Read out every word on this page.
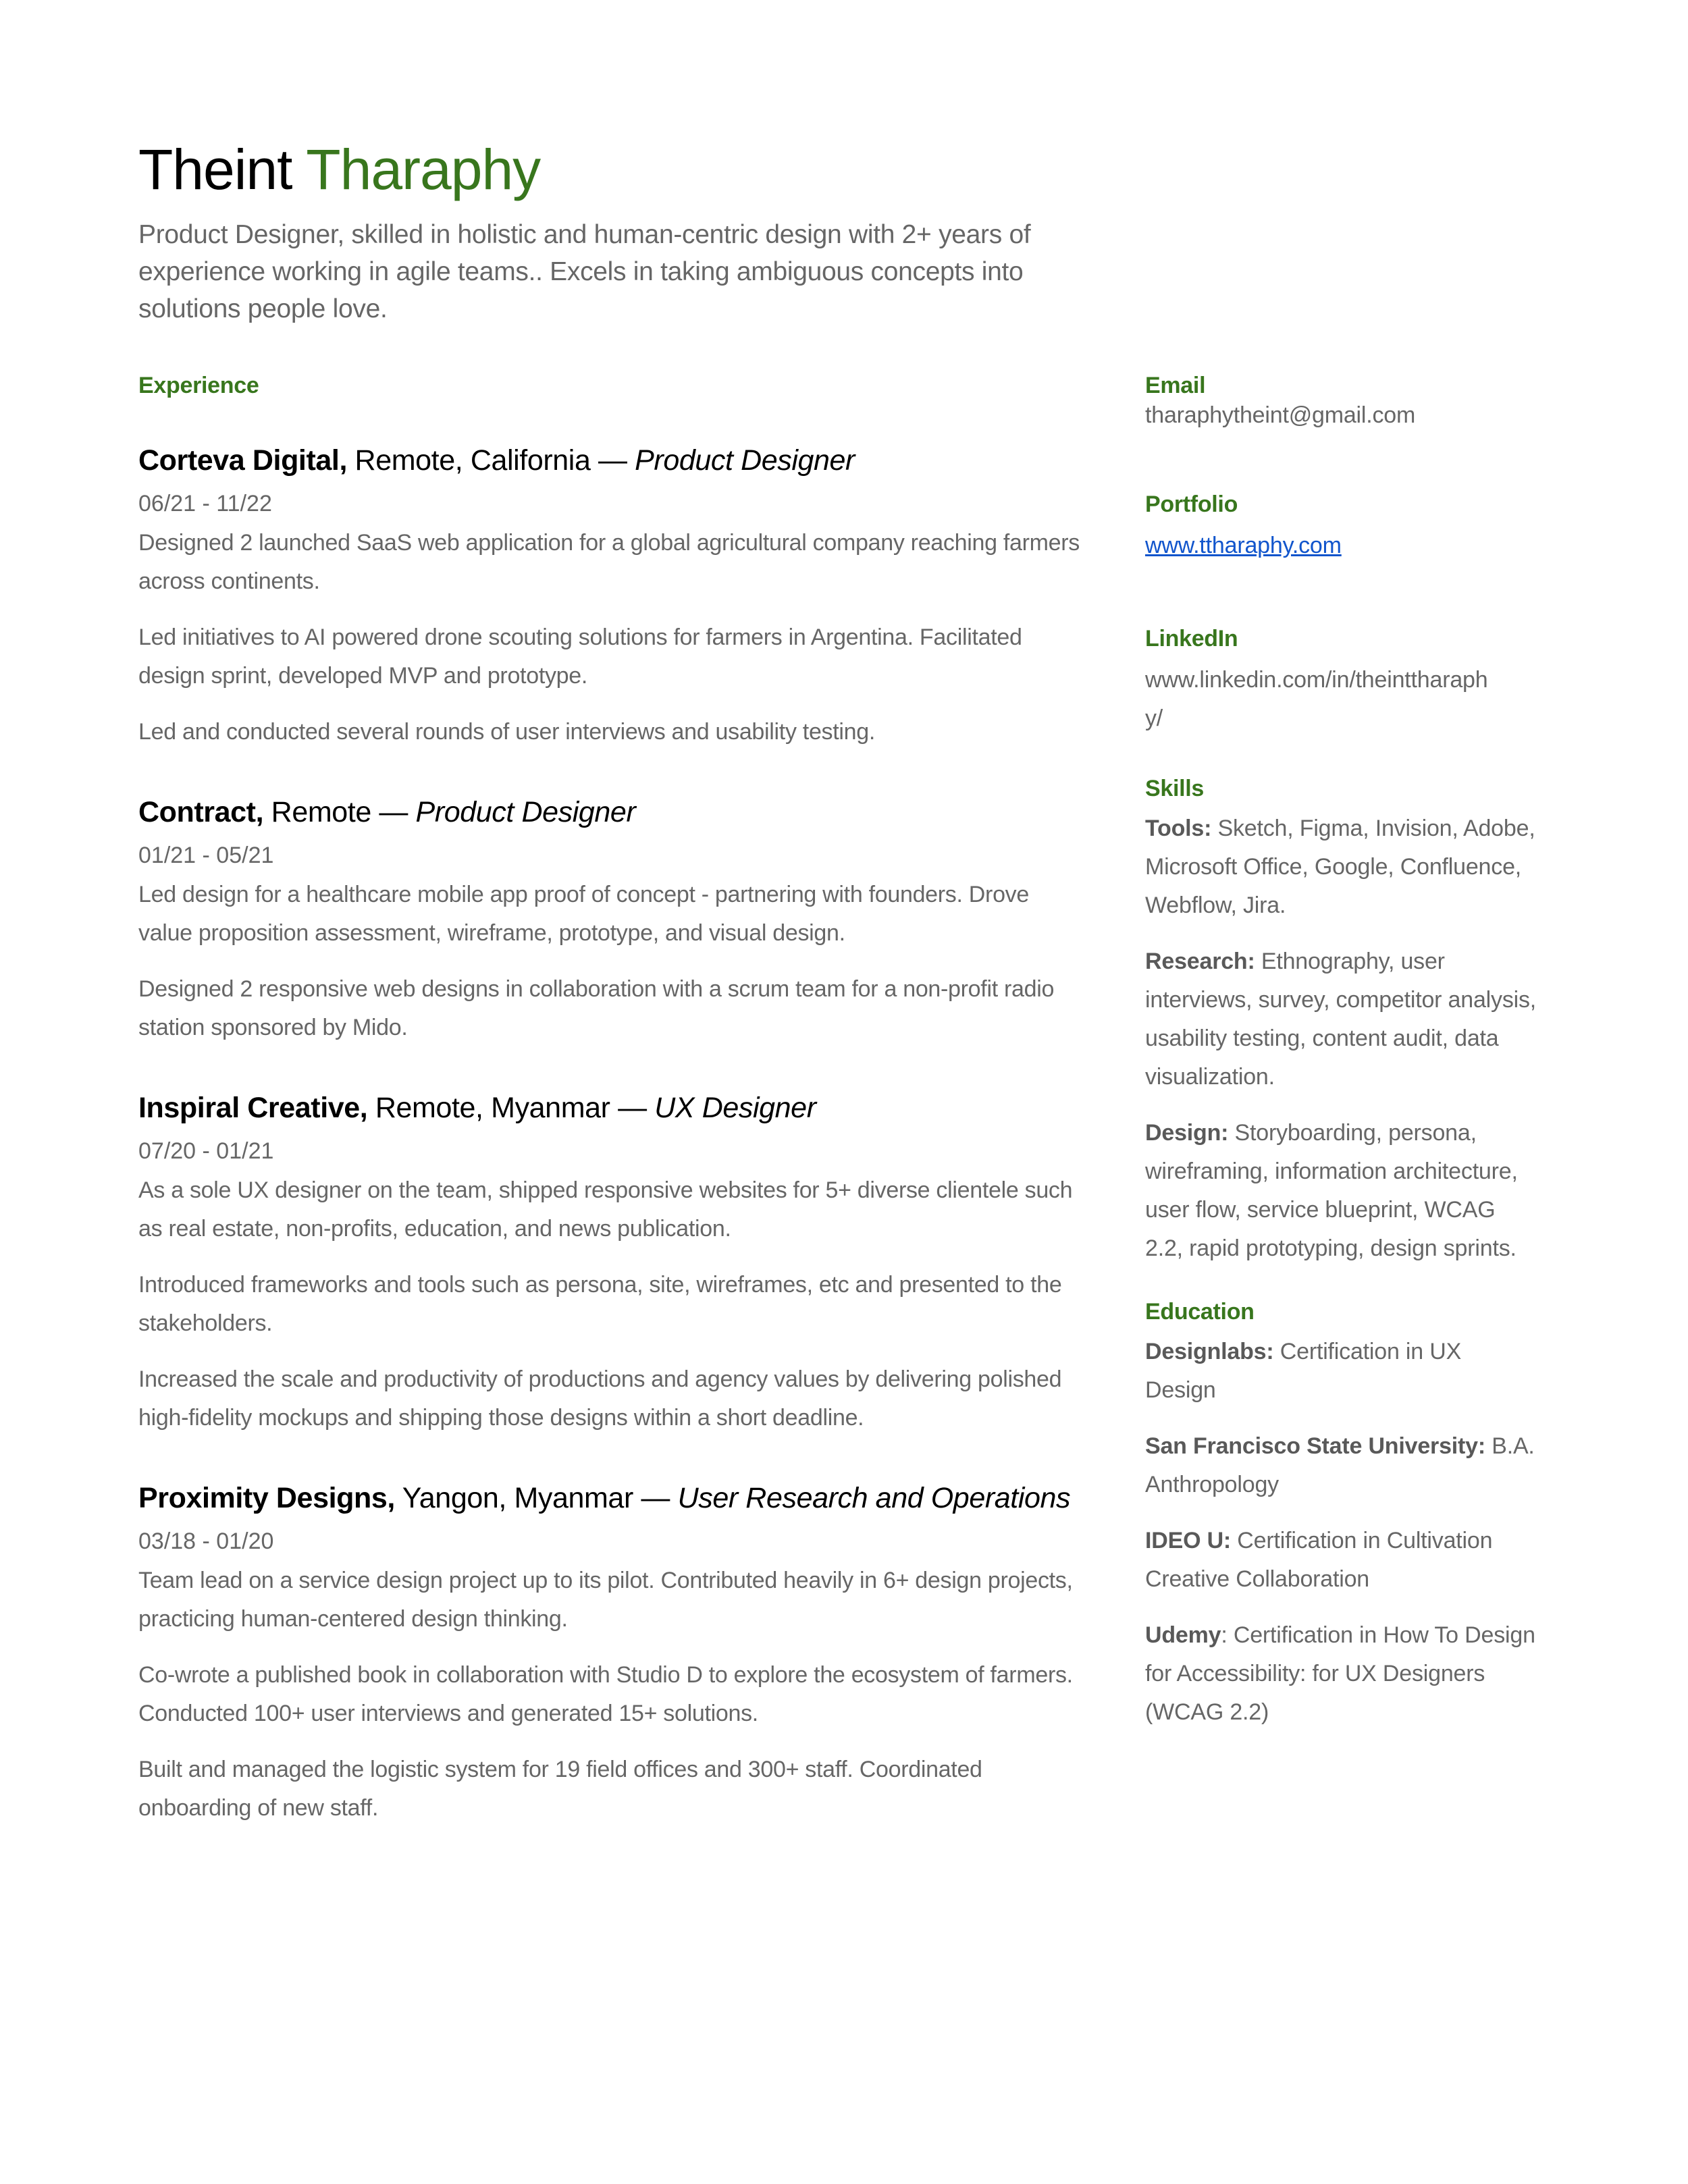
Theint Tharaphy

Product Designer, skilled in holistic and human-centric design with 2+ years of experience working in agile teams.. Excels in taking ambiguous concepts into solutions people love.

Experience
Corteva Digital, Remote, California — Product Designer

06/21 - 11/22

Designed 2 launched SaaS web application for a global agricultural company reaching farmers across continents.

Led initiatives to AI powered drone scouting solutions for farmers in Argentina. Facilitated design sprint, developed MVP and prototype.

Led and conducted several rounds of user interviews and usability testing.

Contract, Remote — Product Designer

01/21 - 05/21

Led design for a healthcare mobile app proof of concept - partnering with founders. Drove value proposition assessment, wireframe, prototype, and visual design.

Designed 2 responsive web designs in collaboration with a scrum team for a non-profit radio station sponsored by Mido.

Inspiral Creative, Remote, Myanmar — UX Designer

07/20 - 01/21

As a sole UX designer on the team, shipped responsive websites for 5+ diverse clientele such as real estate, non-profits, education, and news publication.

Introduced frameworks and tools such as persona, site, wireframes, etc and presented to the stakeholders.

Increased the scale and productivity of productions and agency values by delivering polished high-fidelity mockups and shipping those designs within a short deadline.

Proximity Designs, Yangon, Myanmar — User Research and Operations

03/18 - 01/20

Team lead on a service design project up to its pilot. Contributed heavily in 6+ design projects, practicing human-centered design thinking.

Co-wrote a published book in collaboration with Studio D to explore the ecosystem of farmers. Conducted 100+ user interviews and generated 15+ solutions.

Built and managed the logistic system for 19 field offices and 300+ staff. Coordinated onboarding of new staff.

Email

tharaphytheint@gmail.com

Portfolio
www.ttharaphy.com
LinkedIn

www.linkedin.com/in/theinttharaphy/

Skills

Tools: Sketch, Figma, Invision, Adobe, Microsoft Office, Google, Confluence, Webflow, Jira.

Research: Ethnography, user interviews, survey, competitor analysis, usability testing, content audit, data visualization.

Design: Storyboarding, persona, wireframing, information architecture, user flow, service blueprint, WCAG 2.2, rapid prototyping, design sprints.

Education

Designlabs: Certification in UX Design

San Francisco State University: B.A. Anthropology

IDEO U: Certification in Cultivation Creative Collaboration

Udemy: Certification in How To Design for Accessibility: for UX Designers (WCAG 2.2)
